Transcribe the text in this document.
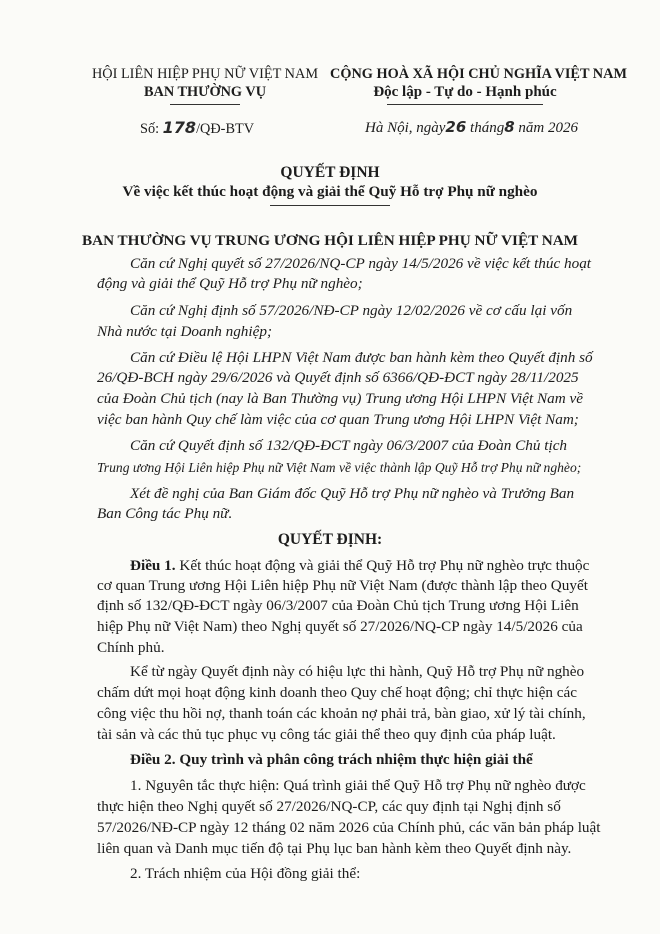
HỘI LIÊN HIỆP PHỤ NỮ VIỆT NAM
BAN THƯỜNG VỤ
Số: 178/QĐ-BTV
CỘNG HOÀ XÃ HỘI CHỦ NGHĨA VIỆT NAM
Độc lập - Tự do - Hạnh phúc
Hà Nội, ngày26 tháng8 năm 2026
QUYẾT ĐỊNH
Về việc kết thúc hoạt động và giải thể Quỹ Hỗ trợ Phụ nữ nghèo
BAN THƯỜNG VỤ TRUNG ƯƠNG HỘI LIÊN HIỆP PHỤ NỮ VIỆT NAM
Căn cứ Nghị quyết số 27/2026/NQ-CP ngày 14/5/2026 về việc kết thúc hoạt
động và giải thể Quỹ Hỗ trợ Phụ nữ nghèo;
Căn cứ Nghị định số 57/2026/NĐ-CP ngày 12/02/2026 về cơ cấu lại vốn
Nhà nước tại Doanh nghiệp;
Căn cứ Điều lệ Hội LHPN Việt Nam được ban hành kèm theo Quyết định số
26/QĐ-BCH ngày 29/6/2026 và Quyết định số 6366/QĐ-ĐCT ngày 28/11/2025
của Đoàn Chủ tịch (nay là Ban Thường vụ) Trung ương Hội LHPN Việt Nam về
việc ban hành Quy chế làm việc của cơ quan Trung ương Hội LHPN Việt Nam;
Căn cứ Quyết định số 132/QĐ-ĐCT ngày 06/3/2007 của Đoàn Chủ tịch
Trung ương Hội Liên hiệp Phụ nữ Việt Nam về việc thành lập Quỹ Hỗ trợ Phụ nữ nghèo;
Xét đề nghị của Ban Giám đốc Quỹ Hỗ trợ Phụ nữ nghèo và Trưởng Ban
Ban Công tác Phụ nữ.
QUYẾT ĐỊNH:
Điều 1. Kết thúc hoạt động và giải thể Quỹ Hỗ trợ Phụ nữ nghèo trực thuộc
cơ quan Trung ương Hội Liên hiệp Phụ nữ Việt Nam (được thành lập theo Quyết
định số 132/QĐ-ĐCT ngày 06/3/2007 của Đoàn Chủ tịch Trung ương Hội Liên
hiệp Phụ nữ Việt Nam) theo Nghị quyết số 27/2026/NQ-CP ngày 14/5/2026 của
Chính phủ.
Kể từ ngày Quyết định này có hiệu lực thi hành, Quỹ Hỗ trợ Phụ nữ nghèo
chấm dứt mọi hoạt động kinh doanh theo Quy chế hoạt động; chỉ thực hiện các
công việc thu hồi nợ, thanh toán các khoản nợ phải trả, bàn giao, xử lý tài chính,
tài sản và các thủ tục phục vụ công tác giải thể theo quy định của pháp luật.
Điều 2. Quy trình và phân công trách nhiệm thực hiện giải thể
1. Nguyên tắc thực hiện: Quá trình giải thể Quỹ Hỗ trợ Phụ nữ nghèo được
thực hiện theo Nghị quyết số 27/2026/NQ-CP, các quy định tại Nghị định số
57/2026/NĐ-CP ngày 12 tháng 02 năm 2026 của Chính phủ, các văn bản pháp luật
liên quan và Danh mục tiến độ tại Phụ lục ban hành kèm theo Quyết định này.
2. Trách nhiệm của Hội đồng giải thể:
